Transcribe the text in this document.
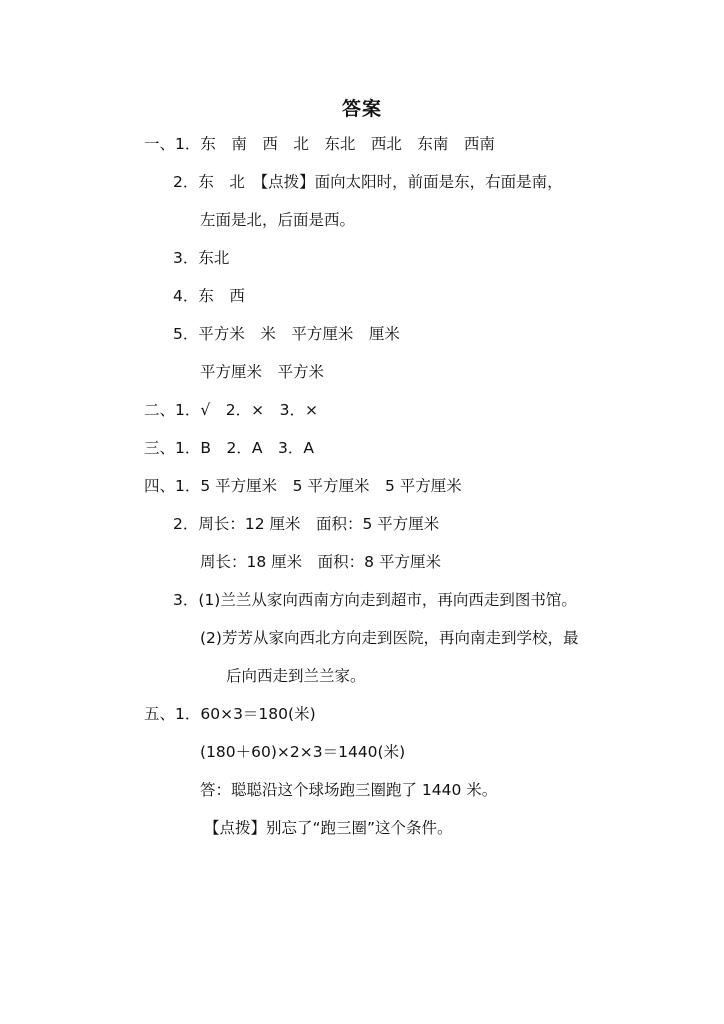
答案
一、1．东　南　西　北　东北　西北　东南　西南
2．东　北　【点拨】面向太阳时，前面是东，右面是南，
左面是北，后面是西。
3．东北
4．东　西
5．平方米　米　平方厘米　厘米
平方厘米　平方米
二、1．√　2．×　3．×
三、1．B　2．A　3．A
四、1．5 平方厘米　5 平方厘米　5 平方厘米
2．周长：12 厘米　面积：5 平方厘米
周长：18 厘米　面积：8 平方厘米
3．(1)兰兰从家向西南方向走到超市，再向西走到图书馆。
(2)芳芳从家向西北方向走到医院，再向南走到学校，最
后向西走到兰兰家。
五、1．60×3＝180(米)
(180＋60)×2×3＝1440(米)
答：聪聪沿这个球场跑三圈跑了 1440 米。
【点拨】别忘了“跑三圈”这个条件。
